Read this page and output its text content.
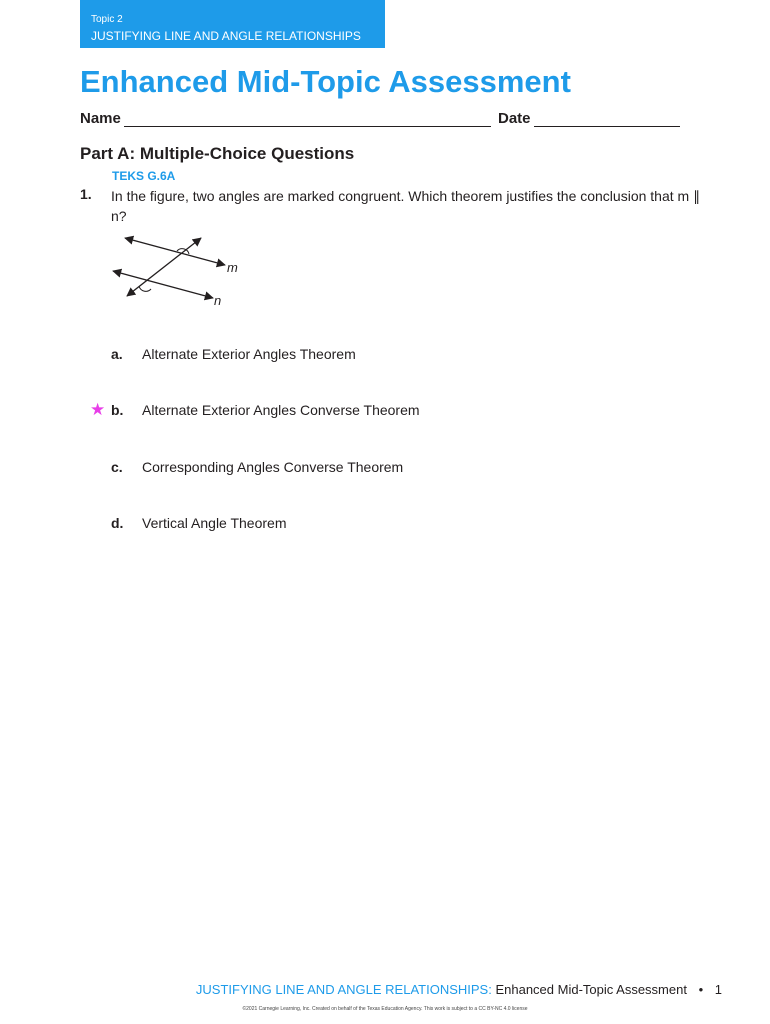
Topic 2
JUSTIFYING LINE AND ANGLE RELATIONSHIPS
Enhanced Mid-Topic Assessment
Name	Date
Part A: Multiple-Choice Questions
TEKS G.6A
1. In the figure, two angles are marked congruent. Which theorem justifies the conclusion that m ∥ n?

m
n
a. Alternate Exterior Angles Theorem
★ b. Alternate Exterior Angles Converse Theorem
c. Corresponding Angles Converse Theorem
d. Vertical Angle Theorem
JUSTIFYING LINE AND ANGLE RELATIONSHIPS: Enhanced Mid-Topic Assessment • 1
©2021 Carnegie Learning, Inc. Created on behalf of the Texas Education Agency. This work is subject to a CC BY-NC 4.0 license
